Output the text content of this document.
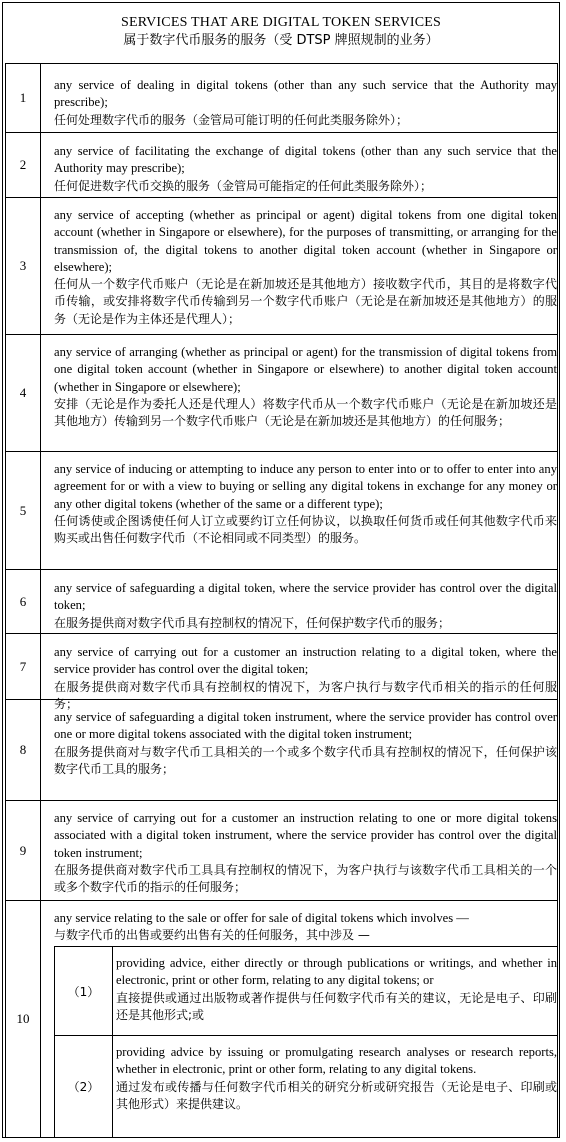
SERVICES THAT ARE DIGITAL TOKEN SERVICES
属于数字代币服务的服务（受 DTSP 牌照规制的业务）
1
any service of dealing in digital tokens (other than any such service that the Authority may prescribe);
任何处理数字代币的服务（金管局可能订明的任何此类服务除外）；
2
any service of facilitating the exchange of digital tokens (other than any such service that the Authority may prescribe);
任何促进数字代币交换的服务（金管局可能指定的任何此类服务除外）；
3
any service of accepting (whether as principal or agent) digital tokens from one digital token account (whether in Singapore or elsewhere), for the purposes of transmitting, or arranging for the transmission of, the digital tokens to another digital token account (whether in Singapore or elsewhere);
任何从一个数字代币账户（无论是在新加坡还是其他地方）接收数字代币，其目的是将数字代币传输，或安排将数字代币传输到另一个数字代币账户（无论是在新加坡还是其他地方）的服务（无论是作为主体还是代理人）；
4
any service of arranging (whether as principal or agent) for the transmission of digital tokens from one digital token account (whether in Singapore or elsewhere) to another digital token account (whether in Singapore or elsewhere);
安排（无论是作为委托人还是代理人）将数字代币从一个数字代币账户（无论是在新加坡还是其他地方）传输到另一个数字代币账户（无论是在新加坡还是其他地方）的任何服务；
5
any service of inducing or attempting to induce any person to enter into or to offer to enter into any agreement for or with a view to buying or selling any digital tokens in exchange for any money or any other digital tokens (whether of the same or a different type);
任何诱使或企图诱使任何人订立或要约订立任何协议，以换取任何货币或任何其他数字代币来购买或出售任何数字代币（不论相同或不同类型）的服务。
6
any service of safeguarding a digital token, where the service provider has control over the digital token;
在服务提供商对数字代币具有控制权的情况下，任何保护数字代币的服务；
7
any service of carrying out for a customer an instruction relating to a digital token, where the service provider has control over the digital token;
在服务提供商对数字代币具有控制权的情况下，为客户执行与数字代币相关的指示的任何服务；
8
any service of safeguarding a digital token instrument, where the service provider has control over one or more digital tokens associated with the digital token instrument;
在服务提供商对与数字代币工具相关的一个或多个数字代币具有控制权的情况下，任何保护该数字代币工具的服务；
9
any service of carrying out for a customer an instruction relating to one or more digital tokens associated with a digital token instrument, where the service provider has control over the digital token instrument;
在服务提供商对数字代币工具具有控制权的情况下，为客户执行与该数字代币工具相关的一个或多个数字代币的指示的任何服务；
10
any service relating to the sale or offer for sale of digital tokens which involves —
与数字代币的出售或要约出售有关的任何服务，其中涉及 —
（1）
providing advice, either directly or through publications or writings, and whether in electronic, print or other form, relating to any digital tokens; or
直接提供或通过出版物或著作提供与任何数字代币有关的建议，无论是电子、印刷还是其他形式;或
（2）
providing advice by issuing or promulgating research analyses or research reports, whether in electronic, print or other form, relating to any digital tokens.
通过发布或传播与任何数字代币相关的研究分析或研究报告（无论是电子、印刷或其他形式）来提供建议。
